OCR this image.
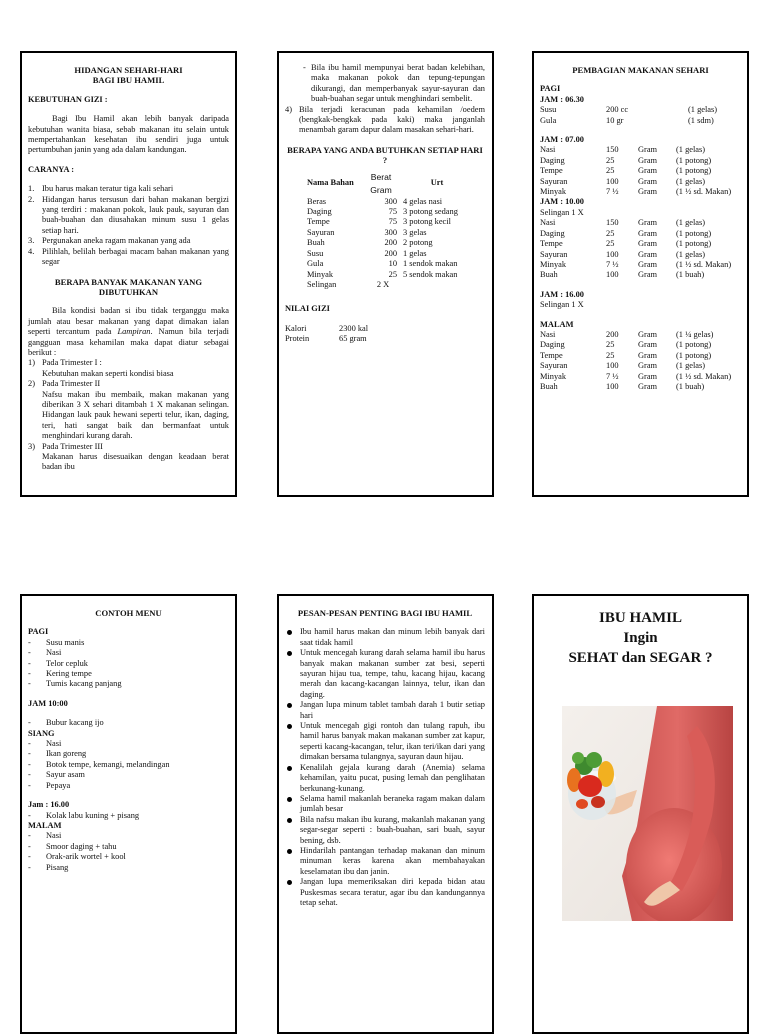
HIDANGAN SEHARI-HARI
BAGI IBU HAMIL
KEBUTUHAN GIZI :
Bagi Ibu Hamil akan lebih banyak daripada kebutuhan wanita biasa, sebab makanan itu selain untuk mempertahankan kesehatan ibu sendiri juga untuk pertumbuhan janin yang ada dalam kandungan.
CARANYA :
1. Ibu harus makan teratur tiga kali sehari
2. Hidangan harus tersusun dari bahan makanan bergizi yang terdiri : makanan pokok, lauk pauk, sayuran dan buah-buahan dan diusahakan minum susu 1 gelas setiap hari.
3. Pergunakan aneka ragam makanan yang ada
4. Pilihlah, belilah berbagai macam bahan makanan yang segar
BERAPA BANYAK MAKANAN YANG DIBUTUHKAN
Bila kondisi badan si ibu tidak terganggu maka jumlah atau besar makanan yang dapat dimakan ialan seperti tercantum pada Lampiran. Namun bila terjadi gangguan masa kehamilan maka dapat diatur sebagai berikut :
1) Pada Trimester I :
Kebutuhan makan seperti kondisi biasa
2) Pada Trimester II
Nafsu makan ibu membaik, makan makanan yang diberikan 3 X sehari ditambah 1 X makanan selingan. Hidangan lauk pauk hewani seperti telur, ikan, daging, teri, hati sangat baik dan bermanfaat untuk menghindari kurang darah.
3) Pada Trimester III
Makanan harus disesuaikan dengan keadaan berat badan ibu
- Bila ibu hamil mempunyai berat badan kelebihan, maka makanan pokok dan tepung-tepungan dikurangi, dan memperbanyak sayur-sayuran dan buah-buahan segar untuk menghindari sembelit.
4) Bila terjadi keracunan pada kehamilan /oedem (bengkak-bengkak pada kaki) maka janganlah menambah garam dapur dalam masakan sehari-hari.
BERAPA YANG ANDA BUTUHKAN SETIAP HARI ?
Nama Bahan	Berat Gram	Urt
Beras	300	4 gelas nasi
Daging	75	3 potong sedang
Tempe	75	3 potong kecil
Sayuran	300	3 gelas
Buah	200	2 potong
Susu	200	1 gelas
Gula	10	1 sendok makan
Minyak	25	5 sendok makan
Selingan	2 X	
NILAI GIZI
Kalori	2300 kal
Protein	65 gram
PEMBAGIAN MAKANAN SEHARI
PAGI
JAM : 06.30
Susu	200 cc		(1 gelas)
Gula	10 gr		(1 sdm)
JAM : 07.00
Nasi	150	Gram	(1 gelas)
Daging	25	Gram	(1 potong)
Tempe	25	Gram	(1 potong)
Sayuran	100	Gram	(1 gelas)
Minyak	7 ½	Gram	(1 ½ sd. Makan)
JAM : 10.00
Selingan 1 X
Nasi	150	Gram	(1 gelas)
Daging	25	Gram	(1 potong)
Tempe	25	Gram	(1 potong)
Sayuran	100	Gram	(1 gelas)
Minyak	7 ½	Gram	(1 ½ sd. Makan)
Buah	100	Gram	(1 buah)
JAM : 16.00
Selingan 1 X
MALAM
Nasi	200	Gram	(1 ¼ gelas)
Daging	25	Gram	(1 potong)
Tempe	25	Gram	(1 potong)
Sayuran	100	Gram	(1 gelas)
Minyak	7 ½	Gram	(1 ½ sd. Makan)
Buah	100	Gram	(1 buah)
CONTOH MENU
PAGI
- Susu manis
- Nasi
- Telor cepluk
- Kering tempe
- Tumis kacang panjang
JAM 10:00
- Bubur kacang ijo
SIANG
- Nasi
- Ikan goreng
- Botok tempe, kemangi, melandingan
- Sayur asam
- Pepaya
Jam : 16.00
- Kolak labu kuning + pisang
MALAM
- Nasi
- Smoor daging + tahu
- Orak-arik wortel + kool
- Pisang
PESAN-PESAN PENTING BAGI IBU HAMIL
Ibu hamil harus makan dan minum lebih banyak dari saat tidak hamil
Untuk mencegah kurang darah selama hamil ibu harus banyak makan makanan sumber zat besi, seperti sayuran hijau tua, tempe, tahu, kacang hijau, kacang merah dan kacang-kacangan lainnya, telur, ikan dan daging.
Jangan lupa minum tablet tambah darah 1 butir setiap hari
Untuk mencegah gigi rontoh dan tulang rapuh, ibu hamil harus banyak makan makanan sumber zat kapur, seperti kacang-kacangan, telur, ikan teri/ikan dari yang dimakan bersama tulangnya, sayuran daun hijau.
Kenalilah gejala kurang darah (Anemia) selama kehamilan, yaitu pucat, pusing lemah dan penglihatan berkunang-kunang.
Selama hamil makanlah beraneka ragam makan dalam jumlah besar
Bila nafsu makan ibu kurang, makanlah makanan yang segar-segar seperti : buah-buahan, sari buah, sayur bening, dsb.
Hindarilah pantangan terhadap makanan dan minum minuman keras karena akan membahayakan keselamatan ibu dan janin.
Jangan lupa memeriksakan diri kepada bidan atau Puskesmas secara teratur, agar ibu dan kandungannya tetap sehat.
IBU HAMIL
Ingin
SEHAT dan SEGAR ?
